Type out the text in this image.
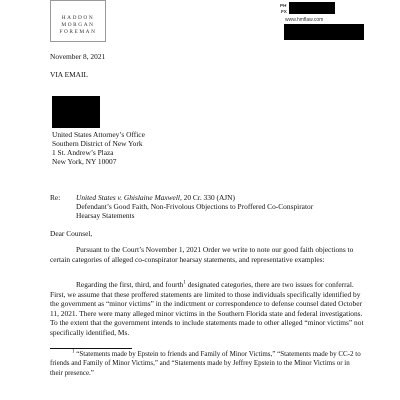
HADDON
MORGAN
FOREMAN
PH
FX
www.hmflaw.com
November 8, 2021
VIA EMAIL
United States Attorney’s Office
Southern District of New York
1 St. Andrew’s Plaza
New York, NY 10007
Re: United States v. Ghislaine Maxwell, 20 Cr. 330 (AJN)
Defendant’s Good Faith, Non-Frivolous Objections to Proffered Co-Conspirator
Hearsay Statements
Dear Counsel,
Pursuant to the Court’s November 1, 2021 Order we write to note our good faith objections to certain categories of alleged co-conspirator hearsay statements, and representative examples:
Regarding the first, third, and fourth$^1$ designated categories, there are two issues for conferral. First, we assume that these proffered statements are limited to those individuals specifically identified by the government as “minor victims” in the indictment or correspondence to defense counsel dated October 11, 2021. There were many alleged minor victims in the Southern Florida state and federal investigations. To the extent that the government intends to include statements made to other alleged “minor victims” not specifically identified, Ms.
$^1$ “Statements made by Epstein to friends and Family of Minor Victims,” “Statements made by CC-2 to friends and Family of Minor Victims,” and “Statements made by Jeffrey Epstein to the Minor Victims or in their presence.”
